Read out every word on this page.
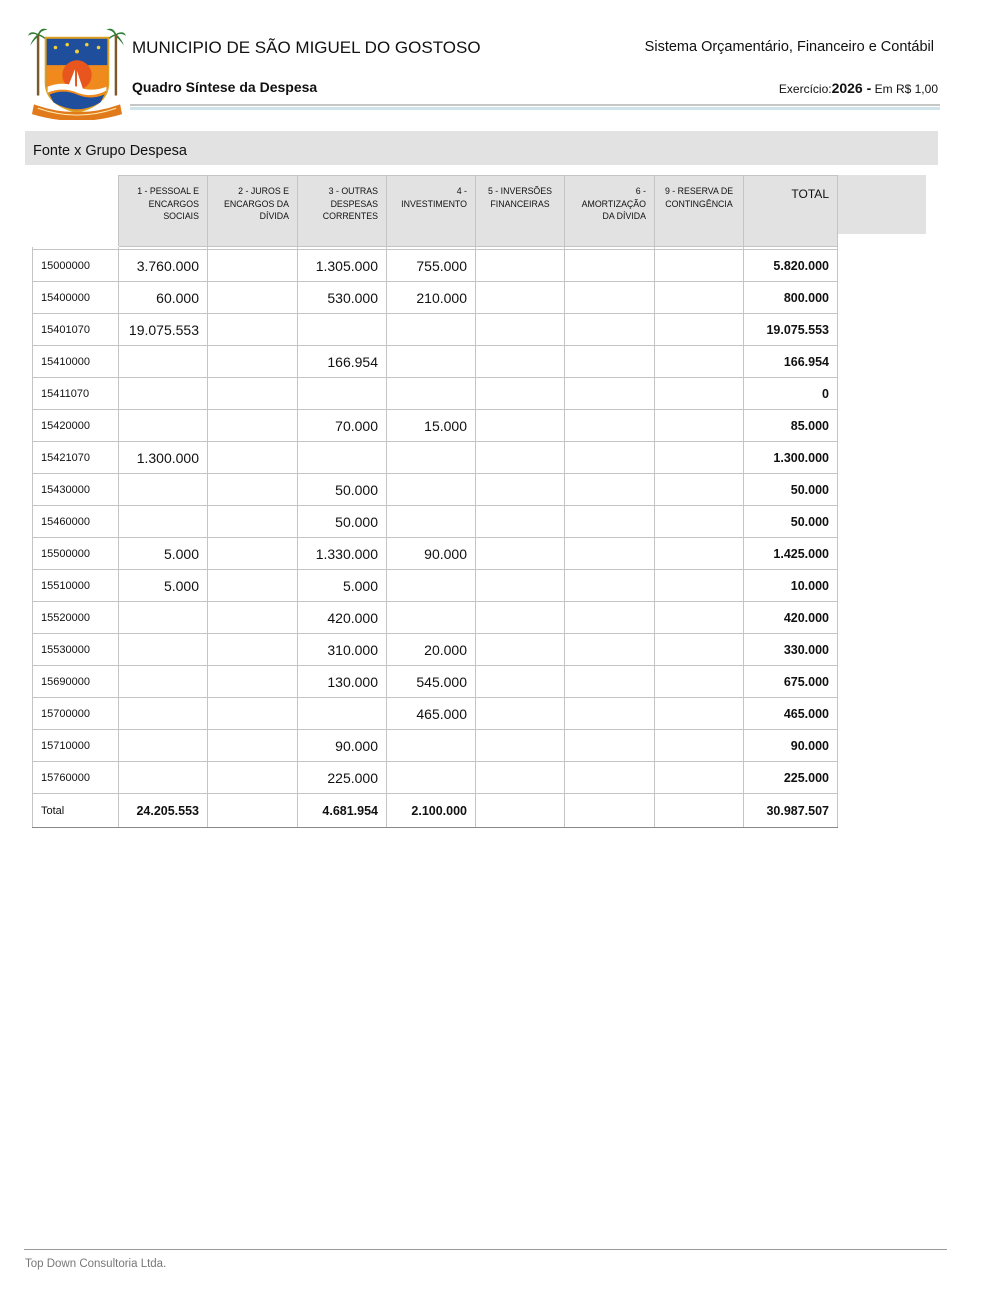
MUNICIPIO DE SÃO MIGUEL DO GOSTOSO	Sistema Orçamentário, Financeiro e Contábil
Quadro Síntese da Despesa	Exercício:2026 - Em R$ 1,00
Fonte x Grupo Despesa
	1 - PESSOAL E ENCARGOS SOCIAIS	2 - JUROS E ENCARGOS DA DÍVIDA	3 - OUTRAS DESPESAS CORRENTES	4 - INVESTIMENTO	5 - INVERSÕES FINANCEIRAS	6 - AMORTIZAÇÃO DA DÍVIDA	9 - RESERVA DE CONTINGÊNCIA	TOTAL

15000000	3.760.000		1.305.000	755.000				5.820.000
15400000	60.000		530.000	210.000				800.000
15401070	19.075.553							19.075.553
15410000			166.954					166.954
15411070								0
15420000			70.000	15.000				85.000
15421070	1.300.000							1.300.000
15430000			50.000					50.000
15460000			50.000					50.000
15500000	5.000		1.330.000	90.000				1.425.000
15510000	5.000		5.000					10.000
15520000			420.000					420.000
15530000			310.000	20.000				330.000
15690000			130.000	545.000				675.000
15700000				465.000				465.000
15710000			90.000					90.000
15760000			225.000					225.000
Total	24.205.553		4.681.954	2.100.000				30.987.507
Top Down Consultoria Ltda.
